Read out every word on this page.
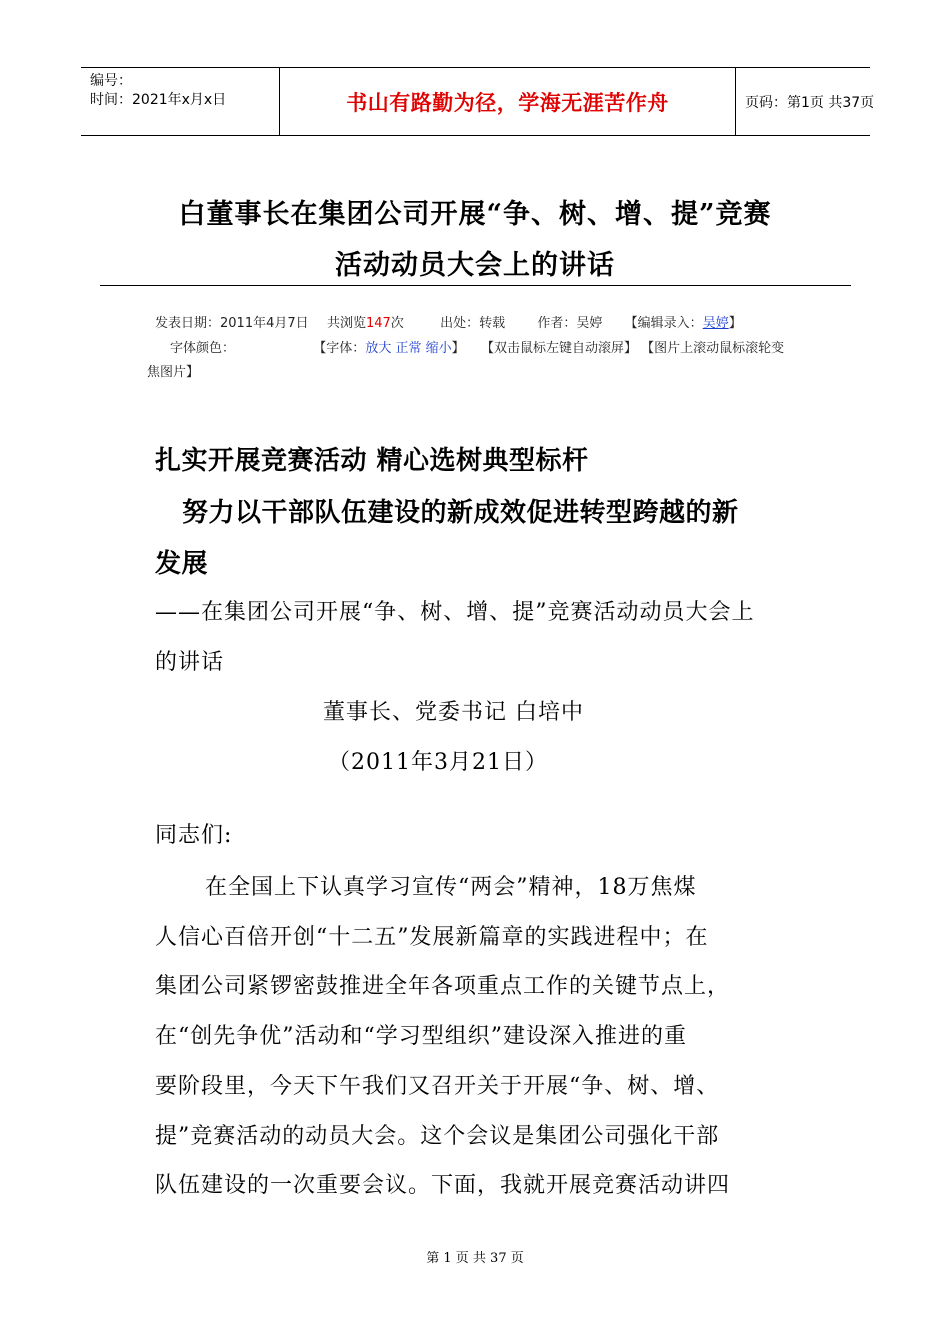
编号：
时间：2021年x月x日	书山有路勤为径，学海无涯苦作舟	页码：第1页 共37页
白董事长在集团公司开展“争、树、增、提”竞赛
活动动员大会上的讲话
发表日期：2011年4月7日 共浏览147次	出处：转载 作者：吴婷 【编辑录入：吴婷】
字体颜色：	【字体：放大 正常 缩小】 【双击鼠标左键自动滚屏】 【图片上滚动鼠标滚轮变
焦图片】
扎实开展竞赛活动 精心选树典型标杆
努力以干部队伍建设的新成效促进转型跨越的新
发展
——在集团公司开展“争、树、增、提”竞赛活动动员大会上
的讲话
董事长、党委书记 白培中
（2011年3月21日）
同志们:
在全国上下认真学习宣传“两会”精神，18万焦煤
人信心百倍开创“十二五”发展新篇章的实践进程中；在
集团公司紧锣密鼓推进全年各项重点工作的关键节点上，
在“创先争优”活动和“学习型组织”建设深入推进的重
要阶段里，今天下午我们又召开关于开展“争、树、增、
提”竞赛活动的动员大会。这个会议是集团公司强化干部
队伍建设的一次重要会议。下面，我就开展竞赛活动讲四
第 1 页 共 37 页
